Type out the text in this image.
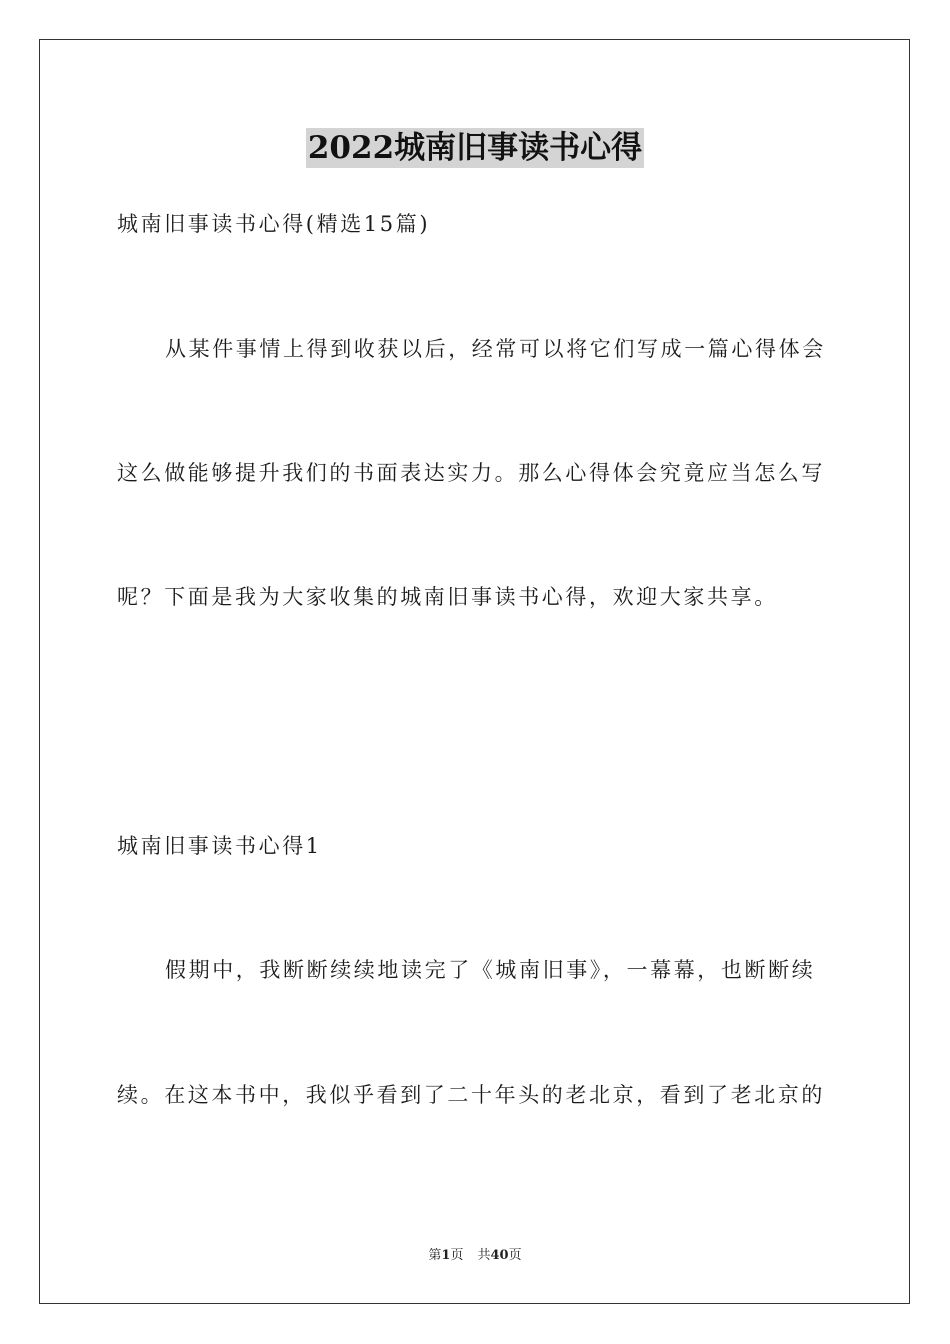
2022城南旧事读书心得
城南旧事读书心得(精选15篇)
从某件事情上得到收获以后，经常可以将它们写成一篇心得体会
这么做能够提升我们的书面表达实力。那么心得体会究竟应当怎么写
呢？下面是我为大家收集的城南旧事读书心得，欢迎大家共享。
城南旧事读书心得1
假期中，我断断续续地读完了《城南旧事》，一幕幕，也断断续
续。在这本书中，我似乎看到了二十年头的老北京，看到了老北京的
第1页 共40页
